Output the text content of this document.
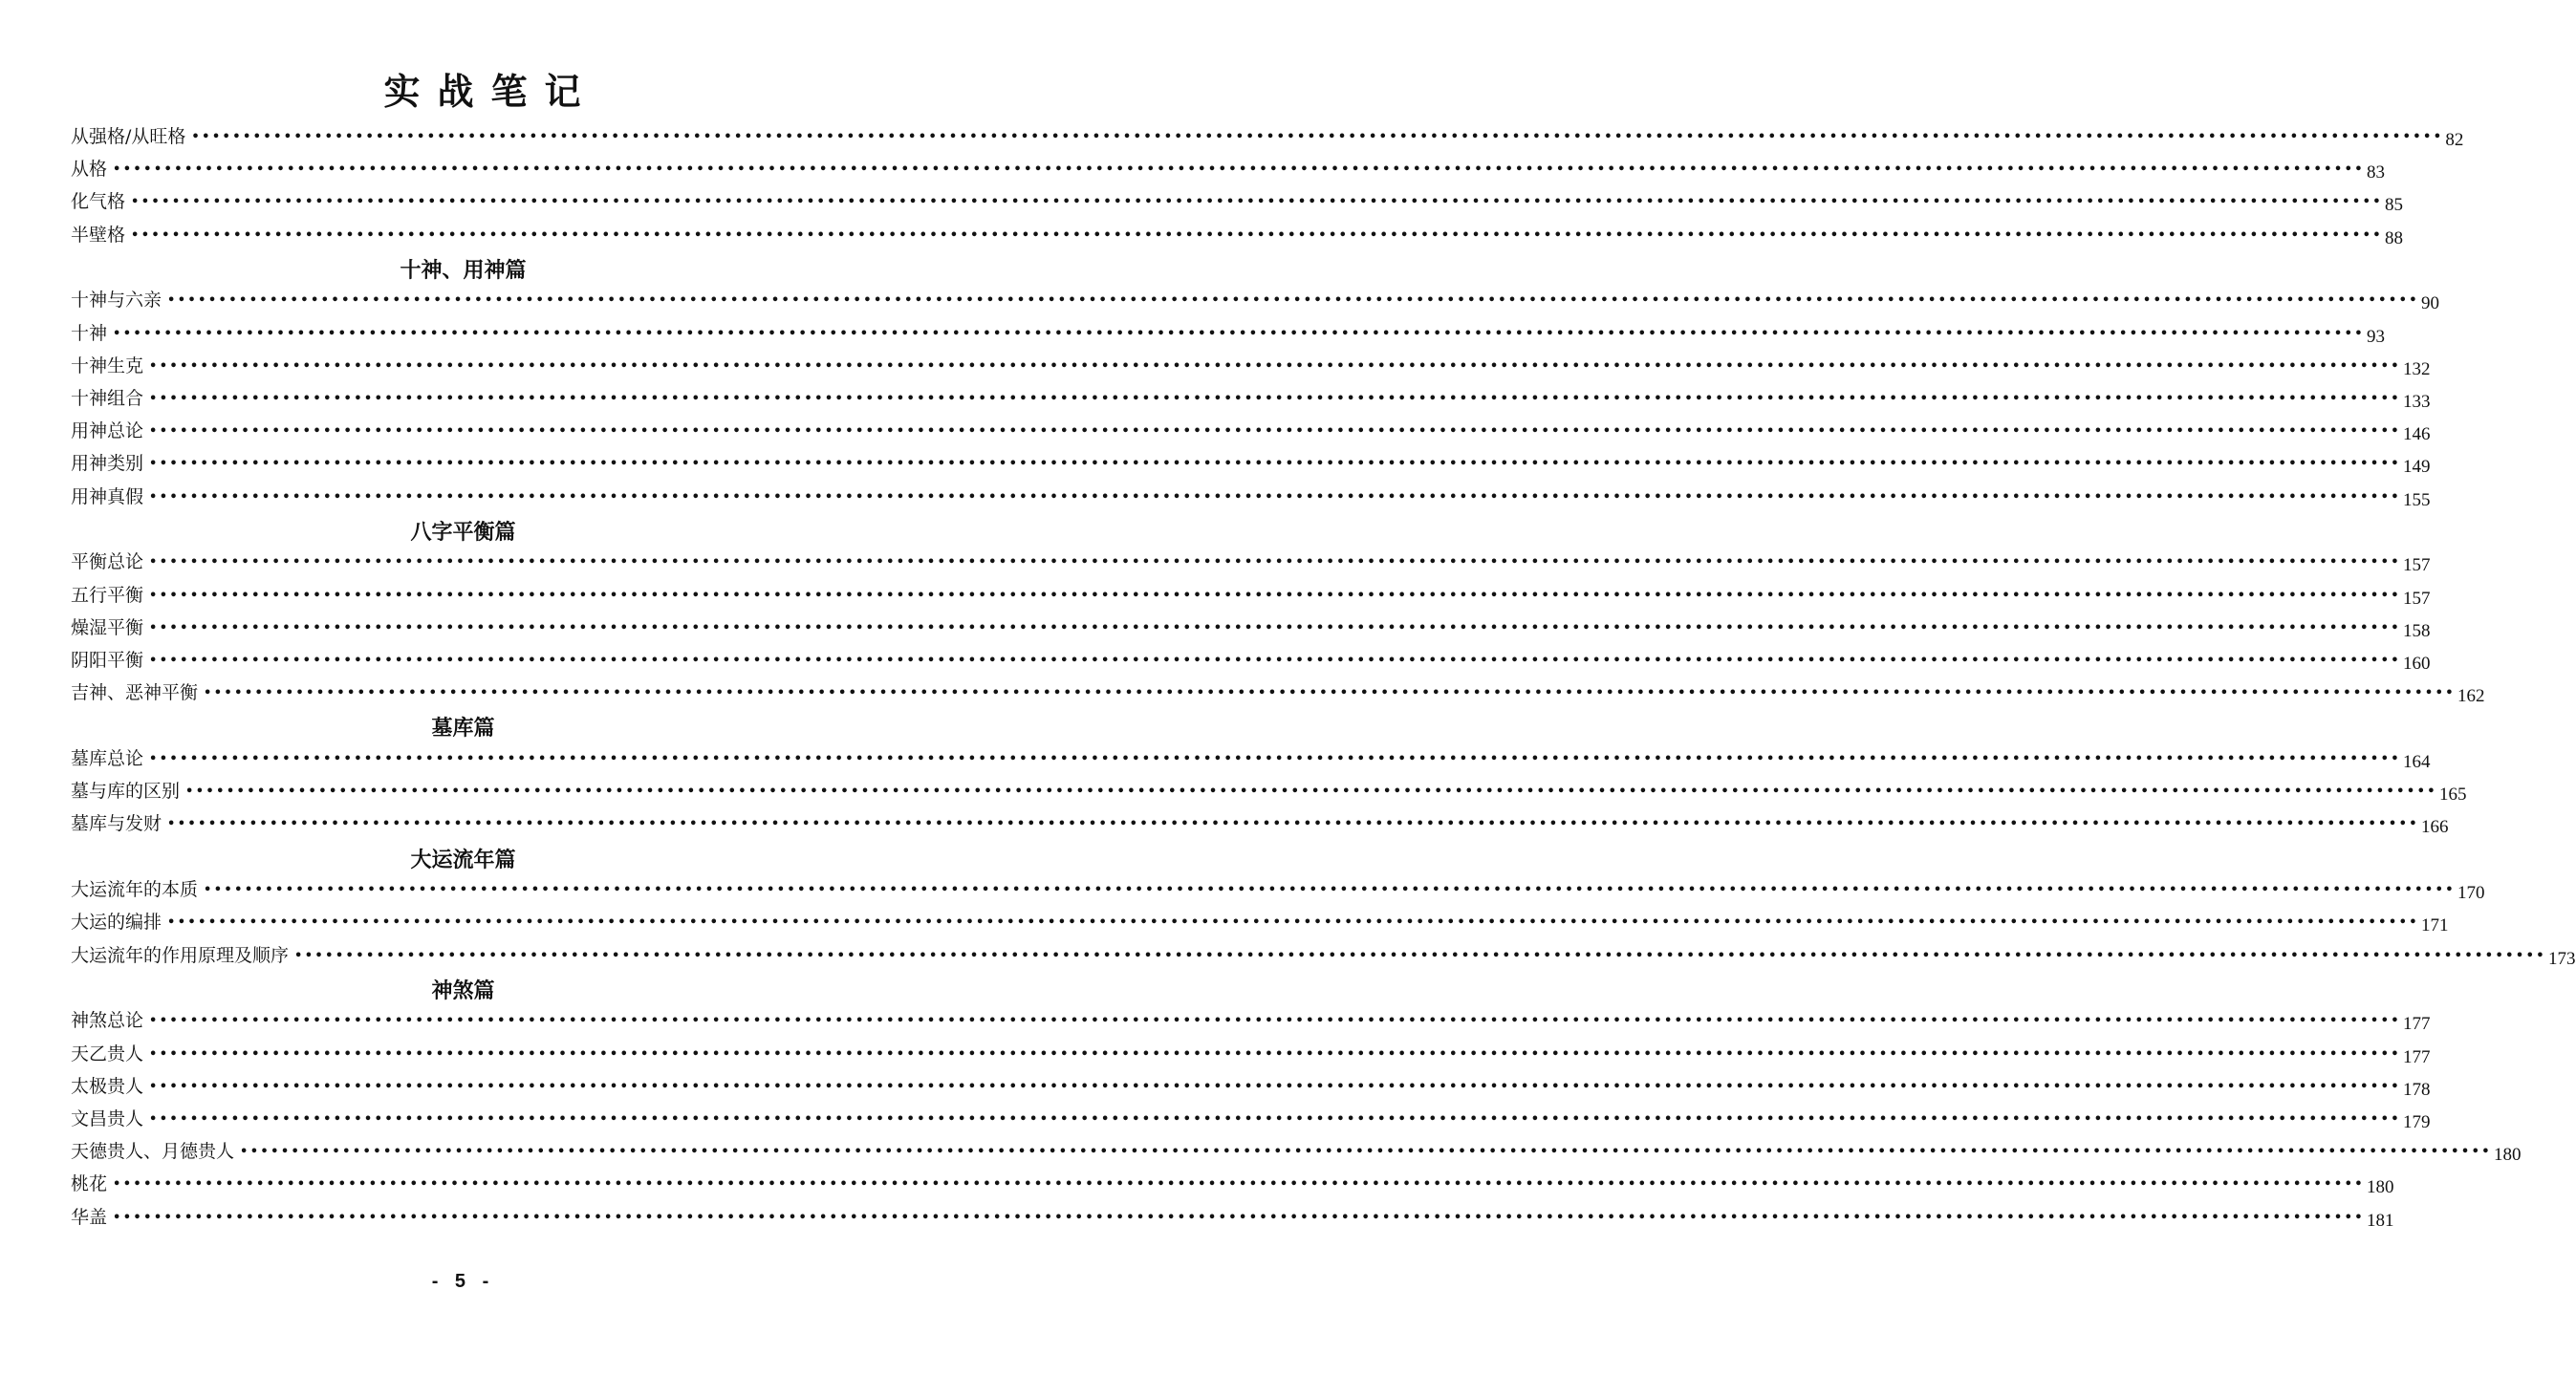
实战笔记
从强格/从旺格 •••••••••••••••••••••••••••••••••••••••••••••••••••••••••••••••••••••••••••••••••••••••••••••••••••••••••••••••••••••••••••••••••••••••••••••••••••••••••••••••••••••••••••••••••••••••••••••••••••••••••••••••••••••••••••• 82
从格 •••••••••••••••••••••••••••••••••••••••••••••••••••••••••••••••••••••••••••••••••••••••••••••••••••••••••••••••••••••••••••••••••••••••••••••••••••••••••••••••••••••••••••••••••••••••••••••••••••••••••••••••••••••••••••• 83
化气格 •••••••••••••••••••••••••••••••••••••••••••••••••••••••••••••••••••••••••••••••••••••••••••••••••••••••••••••••••••••••••••••••••••••••••••••••••••••••••••••••••••••••••••••••••••••••••••••••••••••••••••••••••••••••••••• 85
半壁格 •••••••••••••••••••••••••••••••••••••••••••••••••••••••••••••••••••••••••••••••••••••••••••••••••••••••••••••••••••••••••••••••••••••••••••••••••••••••••••••••••••••••••••••••••••••••••••••••••••••••••••••••••••••••••••• 88
十神、用神篇
十神与六亲 •••••••••••••••••••••••••••••••••••••••••••••••••••••••••••••••••••••••••••••••••••••••••••••••••••••••••••••••••••••••••••••••••••••••••••••••••••••••••••••••••••••••••••••••••••••••••••••••••••••••••••••••••••••••••••• 90
十神 •••••••••••••••••••••••••••••••••••••••••••••••••••••••••••••••••••••••••••••••••••••••••••••••••••••••••••••••••••••••••••••••••••••••••••••••••••••••••••••••••••••••••••••••••••••••••••••••••••••••••••••••••••••••••••• 93
十神生克 •••••••••••••••••••••••••••••••••••••••••••••••••••••••••••••••••••••••••••••••••••••••••••••••••••••••••••••••••••••••••••••••••••••••••••••••••••••••••••••••••••••••••••••••••••••••••••••••••••••••••••••••••••••••••••• 132
十神组合 •••••••••••••••••••••••••••••••••••••••••••••••••••••••••••••••••••••••••••••••••••••••••••••••••••••••••••••••••••••••••••••••••••••••••••••••••••••••••••••••••••••••••••••••••••••••••••••••••••••••••••••••••••••••••••• 133
用神总论 •••••••••••••••••••••••••••••••••••••••••••••••••••••••••••••••••••••••••••••••••••••••••••••••••••••••••••••••••••••••••••••••••••••••••••••••••••••••••••••••••••••••••••••••••••••••••••••••••••••••••••••••••••••••••••• 146
用神类别 •••••••••••••••••••••••••••••••••••••••••••••••••••••••••••••••••••••••••••••••••••••••••••••••••••••••••••••••••••••••••••••••••••••••••••••••••••••••••••••••••••••••••••••••••••••••••••••••••••••••••••••••••••••••••••• 149
用神真假 •••••••••••••••••••••••••••••••••••••••••••••••••••••••••••••••••••••••••••••••••••••••••••••••••••••••••••••••••••••••••••••••••••••••••••••••••••••••••••••••••••••••••••••••••••••••••••••••••••••••••••••••••••••••••••• 155
八字平衡篇
平衡总论 •••••••••••••••••••••••••••••••••••••••••••••••••••••••••••••••••••••••••••••••••••••••••••••••••••••••••••••••••••••••••••••••••••••••••••••••••••••••••••••••••••••••••••••••••••••••••••••••••••••••••••••••••••••••••••• 157
五行平衡 •••••••••••••••••••••••••••••••••••••••••••••••••••••••••••••••••••••••••••••••••••••••••••••••••••••••••••••••••••••••••••••••••••••••••••••••••••••••••••••••••••••••••••••••••••••••••••••••••••••••••••••••••••••••••••• 157
燥湿平衡 •••••••••••••••••••••••••••••••••••••••••••••••••••••••••••••••••••••••••••••••••••••••••••••••••••••••••••••••••••••••••••••••••••••••••••••••••••••••••••••••••••••••••••••••••••••••••••••••••••••••••••••••••••••••••••• 158
阴阳平衡 •••••••••••••••••••••••••••••••••••••••••••••••••••••••••••••••••••••••••••••••••••••••••••••••••••••••••••••••••••••••••••••••••••••••••••••••••••••••••••••••••••••••••••••••••••••••••••••••••••••••••••••••••••••••••••• 160
吉神、恶神平衡 •••••••••••••••••••••••••••••••••••••••••••••••••••••••••••••••••••••••••••••••••••••••••••••••••••••••••••••••••••••••••••••••••••••••••••••••••••••••••••••••••••••••••••••••••••••••••••••••••••••••••••••••••••••••••••• 162
墓库篇
墓库总论 •••••••••••••••••••••••••••••••••••••••••••••••••••••••••••••••••••••••••••••••••••••••••••••••••••••••••••••••••••••••••••••••••••••••••••••••••••••••••••••••••••••••••••••••••••••••••••••••••••••••••••••••••••••••••••• 164
墓与库的区别 •••••••••••••••••••••••••••••••••••••••••••••••••••••••••••••••••••••••••••••••••••••••••••••••••••••••••••••••••••••••••••••••••••••••••••••••••••••••••••••••••••••••••••••••••••••••••••••••••••••••••••••••••••••••••••• 165
墓库与发财 •••••••••••••••••••••••••••••••••••••••••••••••••••••••••••••••••••••••••••••••••••••••••••••••••••••••••••••••••••••••••••••••••••••••••••••••••••••••••••••••••••••••••••••••••••••••••••••••••••••••••••••••••••••••••••• 166
大运流年篇
大运流年的本质 •••••••••••••••••••••••••••••••••••••••••••••••••••••••••••••••••••••••••••••••••••••••••••••••••••••••••••••••••••••••••••••••••••••••••••••••••••••••••••••••••••••••••••••••••••••••••••••••••••••••••••••••••••••••••••• 170
大运的编排 •••••••••••••••••••••••••••••••••••••••••••••••••••••••••••••••••••••••••••••••••••••••••••••••••••••••••••••••••••••••••••••••••••••••••••••••••••••••••••••••••••••••••••••••••••••••••••••••••••••••••••••••••••••••••••• 171
大运流年的作用原理及顺序 •••••••••••••••••••••••••••••••••••••••••••••••••••••••••••••••••••••••••••••••••••••••••••••••••••••••••••••••••••••••••••••••••••••••••••••••••••••••••••••••••••••••••••••••••••••••••••••••••••••••••••••••••••••••••••• 173
神煞篇
神煞总论 •••••••••••••••••••••••••••••••••••••••••••••••••••••••••••••••••••••••••••••••••••••••••••••••••••••••••••••••••••••••••••••••••••••••••••••••••••••••••••••••••••••••••••••••••••••••••••••••••••••••••••••••••••••••••••• 177
天乙贵人 •••••••••••••••••••••••••••••••••••••••••••••••••••••••••••••••••••••••••••••••••••••••••••••••••••••••••••••••••••••••••••••••••••••••••••••••••••••••••••••••••••••••••••••••••••••••••••••••••••••••••••••••••••••••••••• 177
太极贵人 •••••••••••••••••••••••••••••••••••••••••••••••••••••••••••••••••••••••••••••••••••••••••••••••••••••••••••••••••••••••••••••••••••••••••••••••••••••••••••••••••••••••••••••••••••••••••••••••••••••••••••••••••••••••••••• 178
文昌贵人 •••••••••••••••••••••••••••••••••••••••••••••••••••••••••••••••••••••••••••••••••••••••••••••••••••••••••••••••••••••••••••••••••••••••••••••••••••••••••••••••••••••••••••••••••••••••••••••••••••••••••••••••••••••••••••• 179
天德贵人、月德贵人 •••••••••••••••••••••••••••••••••••••••••••••••••••••••••••••••••••••••••••••••••••••••••••••••••••••••••••••••••••••••••••••••••••••••••••••••••••••••••••••••••••••••••••••••••••••••••••••••••••••••••••••••••••••••••••• 180
桃花 •••••••••••••••••••••••••••••••••••••••••••••••••••••••••••••••••••••••••••••••••••••••••••••••••••••••••••••••••••••••••••••••••••••••••••••••••••••••••••••••••••••••••••••••••••••••••••••••••••••••••••••••••••••••••••• 180
华盖 •••••••••••••••••••••••••••••••••••••••••••••••••••••••••••••••••••••••••••••••••••••••••••••••••••••••••••••••••••••••••••••••••••••••••••••••••••••••••••••••••••••••••••••••••••••••••••••••••••••••••••••••••••••••••••• 181
- 5 -
